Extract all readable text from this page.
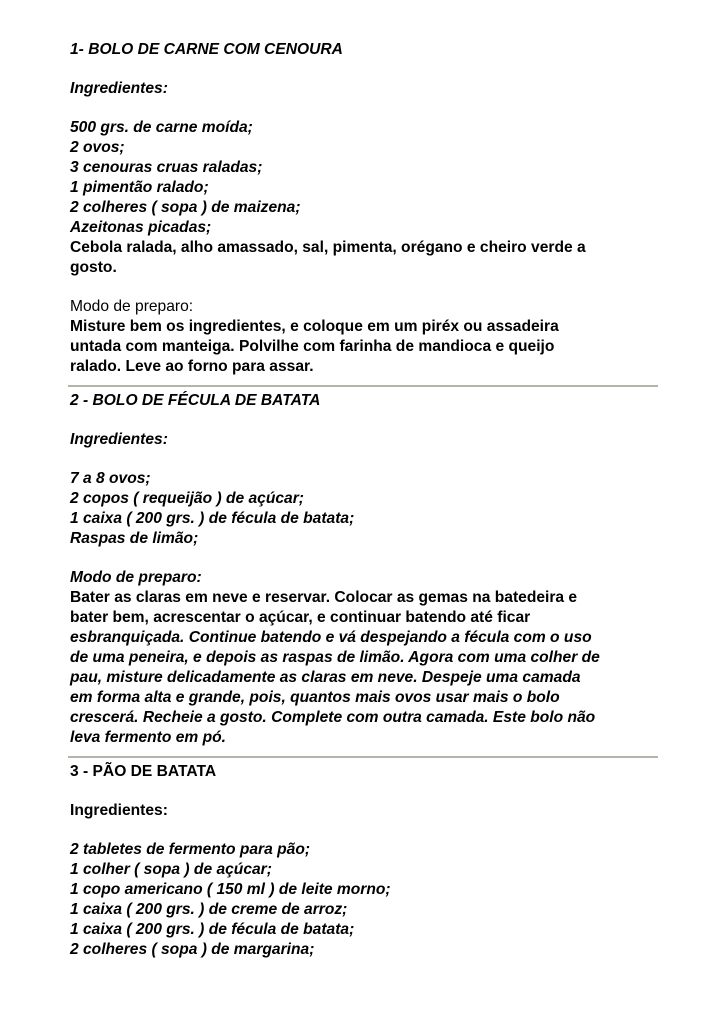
1- BOLO DE CARNE COM CENOURA
Ingredientes:
500 grs. de carne moída;
2 ovos;
3 cenouras cruas raladas;
1 pimentão ralado;
2 colheres ( sopa ) de maizena;
Azeitonas picadas;
Cebola ralada, alho amassado, sal, pimenta, orégano e cheiro verde a
gosto.
Modo de preparo:
Misture bem os ingredientes, e coloque em um piréx ou assadeira
untada com manteiga. Polvilhe com farinha de mandioca e queijo
ralado. Leve ao forno para assar.
2 - BOLO DE FÉCULA DE BATATA
Ingredientes:
7 a 8 ovos;
2 copos ( requeijão ) de açúcar;
1 caixa ( 200 grs. ) de fécula de batata;
Raspas de limão;
Modo de preparo:
Bater as claras em neve e reservar. Colocar as gemas na batedeira e
bater bem, acrescentar o açúcar, e continuar batendo até ficar
esbranquiçada. Continue batendo e vá despejando a fécula com o uso
de uma peneira, e depois as raspas de limão. Agora com uma colher de
pau, misture delicadamente as claras em neve. Despeje uma camada
em forma alta e grande, pois, quantos mais ovos usar mais o bolo
crescerá. Recheie a gosto. Complete com outra camada. Este bolo não
leva fermento em pó.
3 - PÃO DE BATATA
Ingredientes:
2 tabletes de fermento para pão;
1 colher ( sopa ) de açúcar;
1 copo americano ( 150 ml ) de leite morno;
1 caixa ( 200 grs. ) de creme de arroz;
1 caixa ( 200 grs. ) de fécula de batata;
2 colheres ( sopa ) de margarina;
